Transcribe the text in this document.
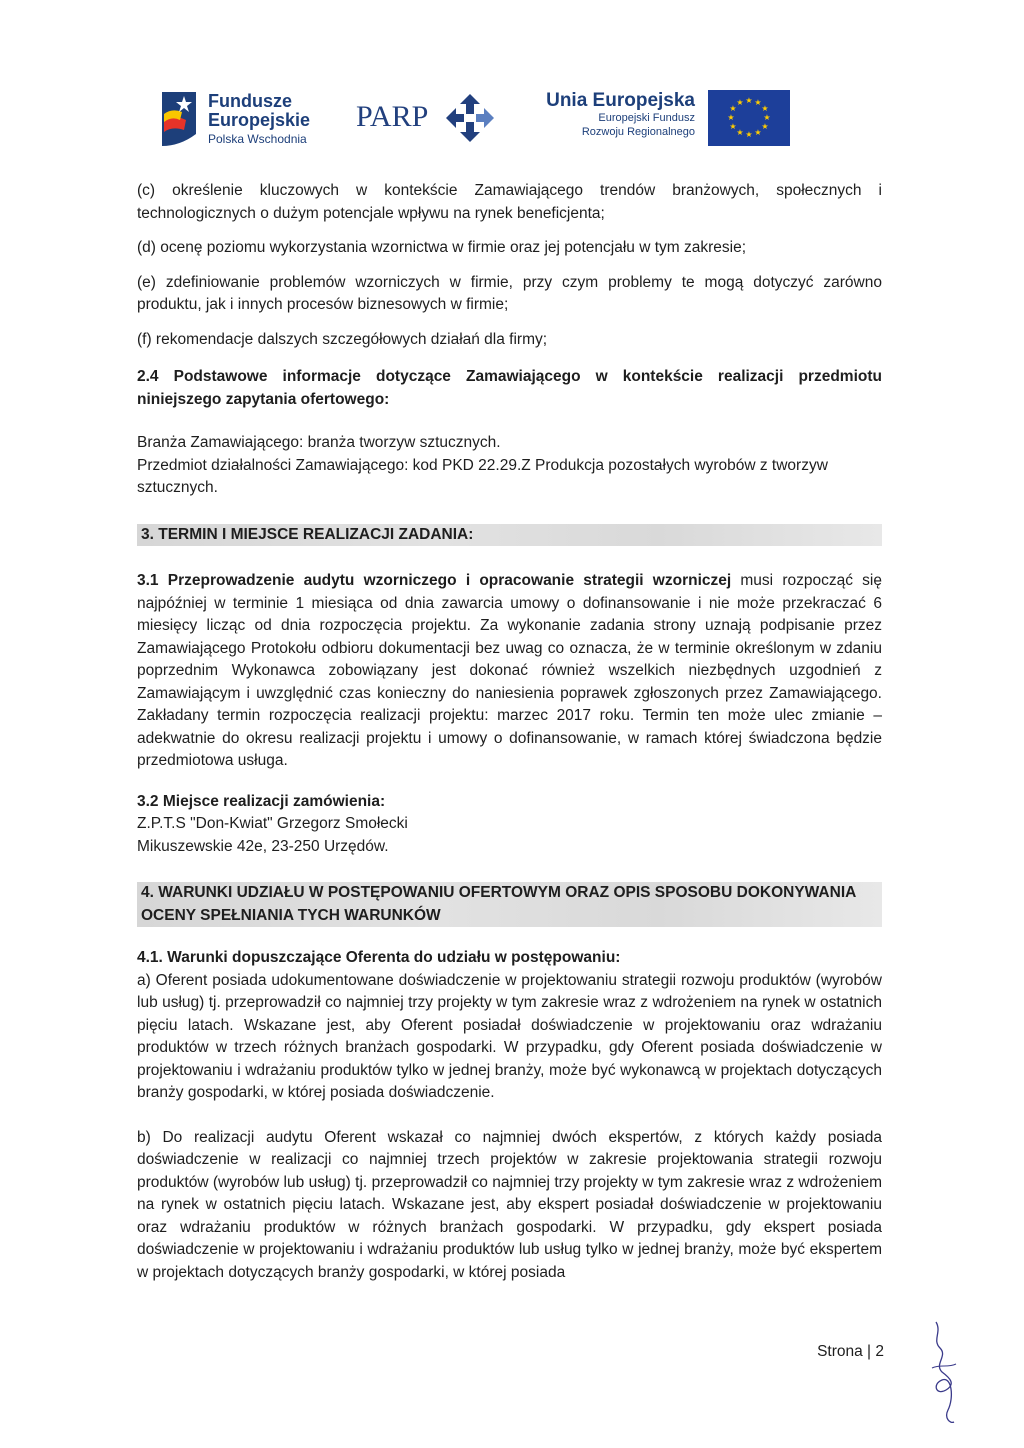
Fundusze
Europejskie
Polska Wschodnia
PARP	Unia Europejska
Europejski Fundusz
Rozwoju Regionalnego
★ ★
★
★
★
★
★
★
★
★
★
★

(c) określenie kluczowych w kontekście Zamawiającego trendów branżowych, społecznych i technologicznych o dużym potencjale wpływu na rynek beneficjenta;

(d) ocenę poziomu wykorzystania wzornictwa w firmie oraz jej potencjału w tym zakresie;

(e) zdefiniowanie problemów wzorniczych w firmie, przy czym problemy te mogą dotyczyć zarówno produktu, jak i innych procesów biznesowych w firmie;

(f) rekomendacje dalszych szczegółowych działań dla firmy;

2.4 Podstawowe informacje dotyczące Zamawiającego w kontekście realizacji przedmiotu niniejszego zapytania ofertowego:

Branża Zamawiającego: branża tworzyw sztucznych.

Przedmiot działalności Zamawiającego: kod PKD 22.29.Z Produkcja pozostałych wyrobów z tworzyw sztucznych.

3. TERMIN I MIEJSCE REALIZACJI ZADANIA:

3.1 Przeprowadzenie audytu wzorniczego i opracowanie strategii wzorniczej musi rozpocząć się najpóźniej w terminie 1 miesiąca od dnia zawarcia umowy o dofinansowanie i nie może przekraczać 6 miesięcy licząc od dnia rozpoczęcia projektu. Za wykonanie zadania strony uznają podpisanie przez Zamawiającego Protokołu odbioru dokumentacji bez uwag co oznacza, że w terminie określonym w zdaniu poprzednim Wykonawca zobowiązany jest dokonać również wszelkich niezbędnych uzgodnień z Zamawiającym i uwzględnić czas konieczny do naniesienia poprawek zgłoszonych przez Zamawiającego. Zakładany termin rozpoczęcia realizacji projektu: marzec 2017 roku. Termin ten może ulec zmianie – adekwatnie do okresu realizacji projektu i umowy o dofinansowanie, w ramach której świadczona będzie przedmiotowa usługa.

3.2 Miejsce realizacji zamówienia:

Z.P.T.S "Don-Kwiat" Grzegorz Smołecki

Mikuszewskie 42e, 23-250 Urzędów.

4. WARUNKI UDZIAŁU W POSTĘPOWANIU OFERTOWYM ORAZ OPIS SPOSOBU DOKONYWANIA OCENY SPEŁNIANIA TYCH WARUNKÓW

4.1. Warunki dopuszczające Oferenta do udziału w postępowaniu:

a) Oferent posiada udokumentowane doświadczenie w projektowaniu strategii rozwoju produktów (wyrobów lub usług) tj. przeprowadził co najmniej trzy projekty w tym zakresie wraz z wdrożeniem na rynek w ostatnich pięciu latach. Wskazane jest, aby Oferent posiadał doświadczenie w projektowaniu oraz wdrażaniu produktów w trzech różnych branżach gospodarki. W przypadku, gdy Oferent posiada doświadczenie w projektowaniu i wdrażaniu produktów tylko w jednej branży, może być wykonawcą w projektach dotyczących branży gospodarki, w której posiada doświadczenie.

b) Do realizacji audytu Oferent wskazał co najmniej dwóch ekspertów, z których każdy posiada doświadczenie w realizacji co najmniej trzech projektów w zakresie projektowania strategii rozwoju produktów (wyrobów lub usług) tj. przeprowadził co najmniej trzy projekty w tym zakresie wraz z wdrożeniem na rynek w ostatnich pięciu latach. Wskazane jest, aby ekspert posiadał doświadczenie w projektowaniu oraz wdrażaniu produktów w różnych branżach gospodarki. W przypadku, gdy ekspert posiada doświadczenie w projektowaniu i wdrażaniu produktów lub usług tylko w jednej branży, może być ekspertem w projektach dotyczących branży gospodarki, w której posiada

Strona | 2
